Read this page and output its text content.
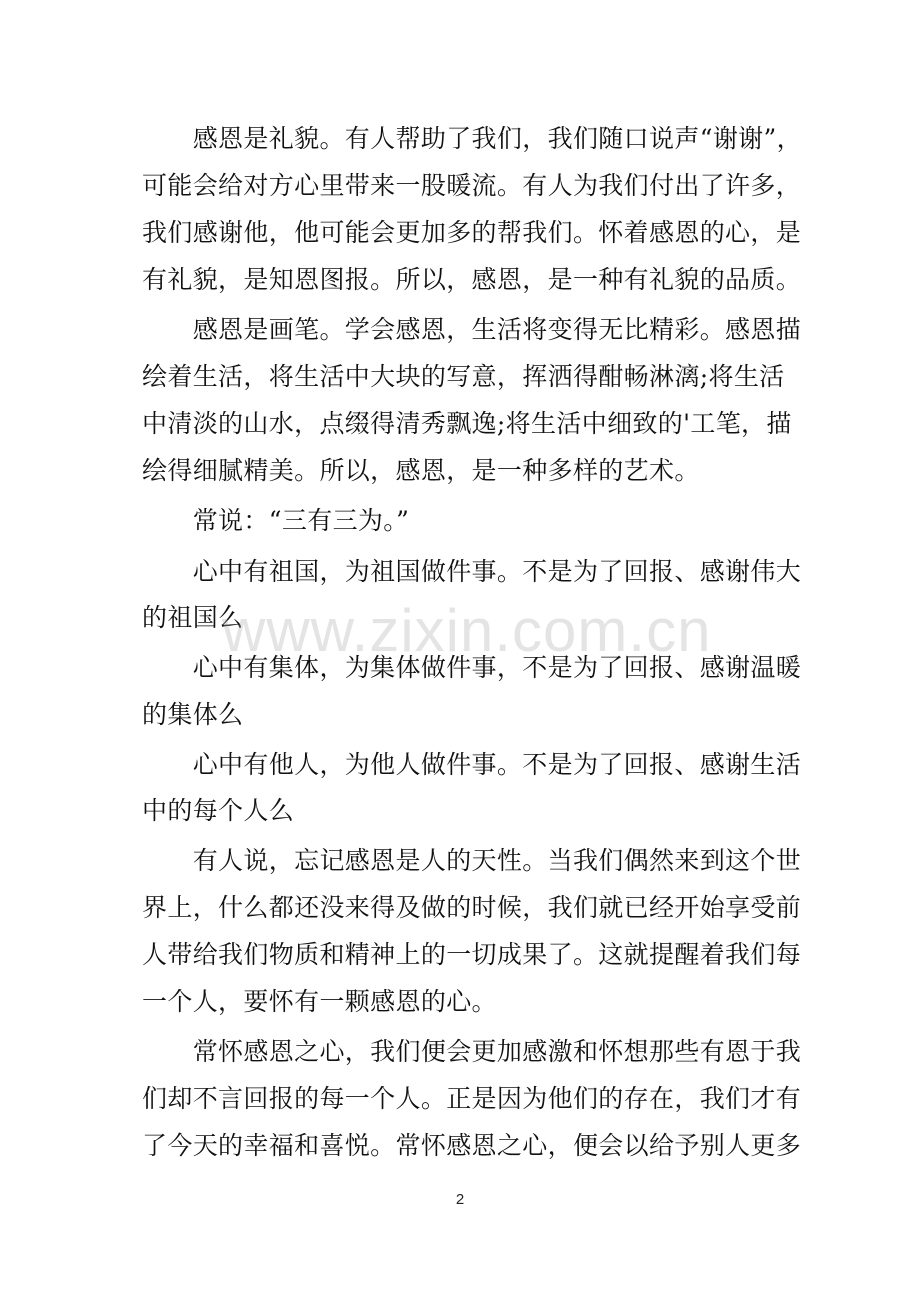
　　感恩是礼貌。有人帮助了我们，我们随口说声“谢谢”，
可能会给对方心里带来一股暖流。有人为我们付出了许多，
我们感谢他，他可能会更加多的帮我们。怀着感恩的心，是
有礼貌，是知恩图报。所以，感恩，是一种有礼貌的品质。
　　感恩是画笔。学会感恩，生活将变得无比精彩。感恩描
绘着生活，将生活中大块的写意，挥洒得酣畅淋漓;将生活
中清淡的山水，点缀得清秀飘逸;将生活中细致的'工笔，描
绘得细腻精美。所以，感恩，是一种多样的艺术。
　　常说：“三有三为。”
　　心中有祖国，为祖国做件事。不是为了回报、感谢伟大
的祖国么
　　心中有集体，为集体做件事，不是为了回报、感谢温暖
的集体么
　　心中有他人，为他人做件事。不是为了回报、感谢生活
中的每个人么
　　有人说，忘记感恩是人的天性。当我们偶然来到这个世
界上，什么都还没来得及做的时候，我们就已经开始享受前
人带给我们物质和精神上的一切成果了。这就提醒着我们每
一个人，要怀有一颗感恩的心。
　　常怀感恩之心，我们便会更加感激和怀想那些有恩于我
们却不言回报的每一个人。正是因为他们的存在，我们才有
了今天的幸福和喜悦。常怀感恩之心，便会以给予别人更多
www.zixin.com.cn
2
